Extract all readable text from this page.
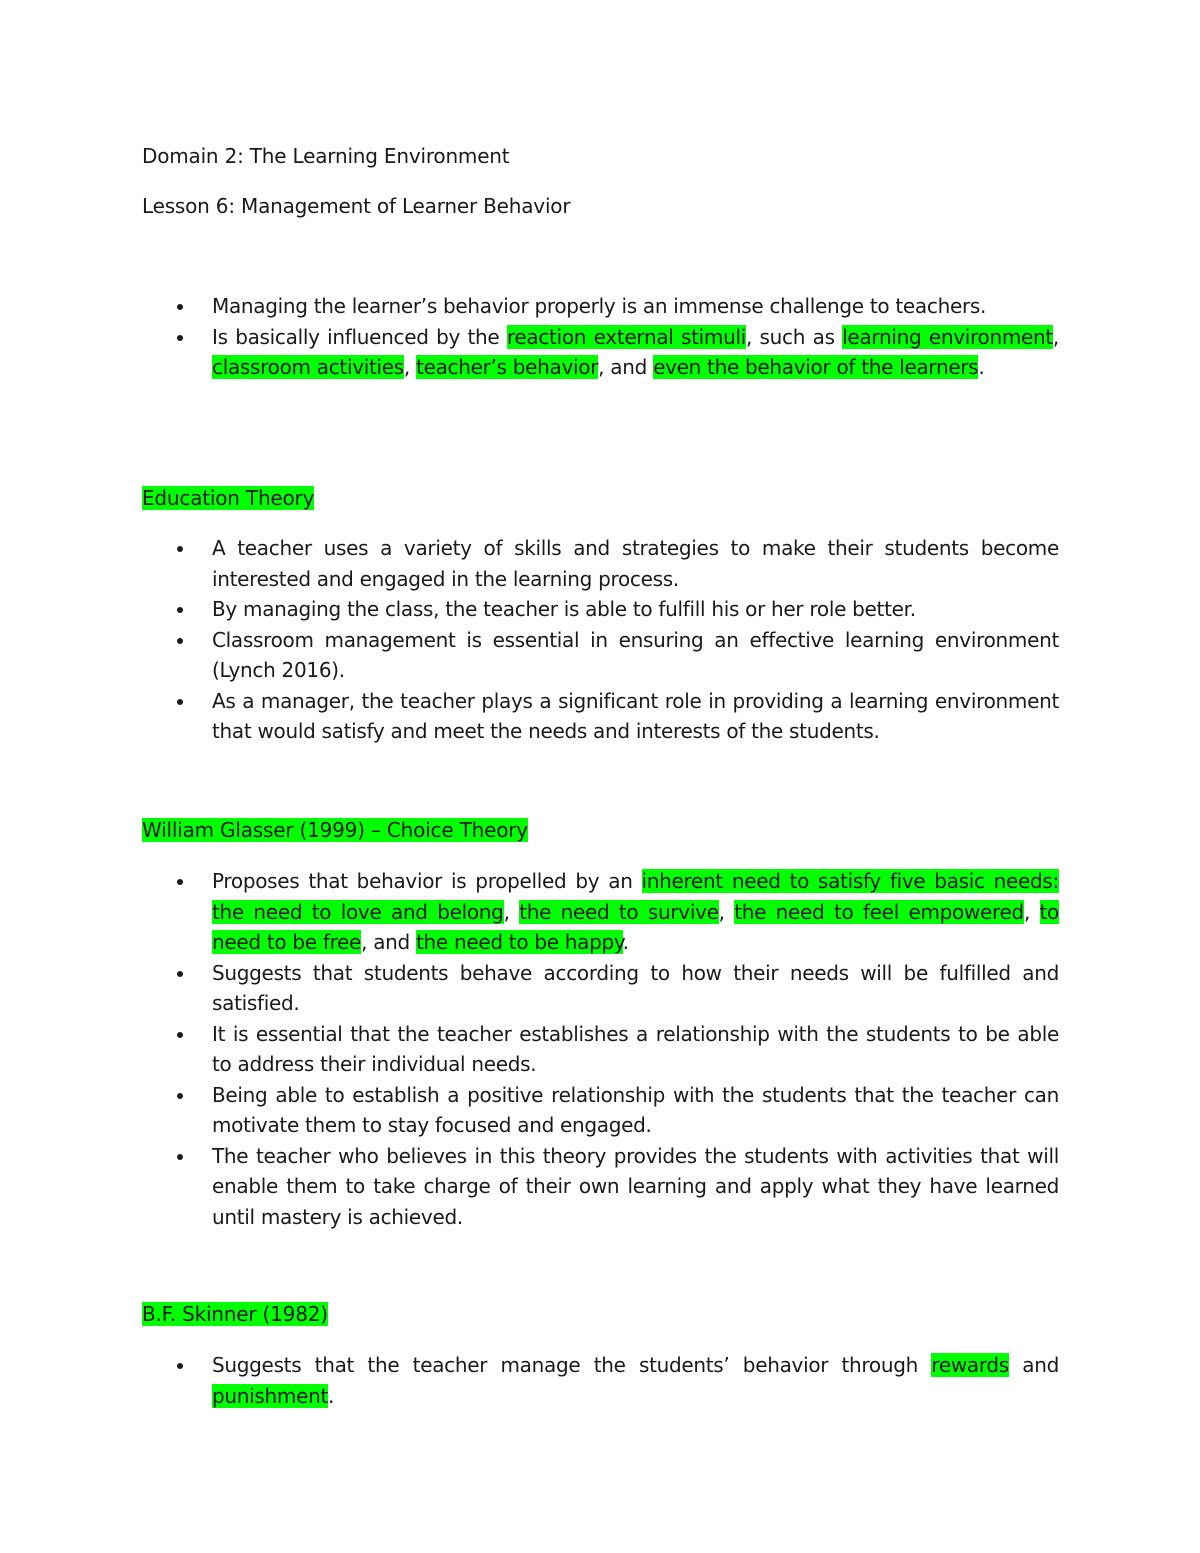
Domain 2: The Learning Environment
Lesson 6: Management of Learner Behavior
Managing the learner’s behavior properly is an immense challenge to teachers.
Is basically influenced by the reaction external stimuli, such as learning environment, classroom activities, teacher’s behavior, and even the behavior of the learners.
Education Theory
A teacher uses a variety of skills and strategies to make their students become interested and engaged in the learning process.
By managing the class, the teacher is able to fulfill his or her role better.
Classroom management is essential in ensuring an effective learning environment (Lynch 2016).
As a manager, the teacher plays a significant role in providing a learning environment that would satisfy and meet the needs and interests of the students.
William Glasser (1999) – Choice Theory
Proposes that behavior is propelled by an inherent need to satisfy five basic needs: the need to love and belong, the need to survive, the need to feel empowered, to need to be free, and the need to be happy.
Suggests that students behave according to how their needs will be fulfilled and satisfied.
It is essential that the teacher establishes a relationship with the students to be able to address their individual needs.
Being able to establish a positive relationship with the students that the teacher can motivate them to stay focused and engaged.
The teacher who believes in this theory provides the students with activities that will enable them to take charge of their own learning and apply what they have learned until mastery is achieved.
B.F. Skinner (1982)
Suggests that the teacher manage the students’ behavior through rewards and punishment.
